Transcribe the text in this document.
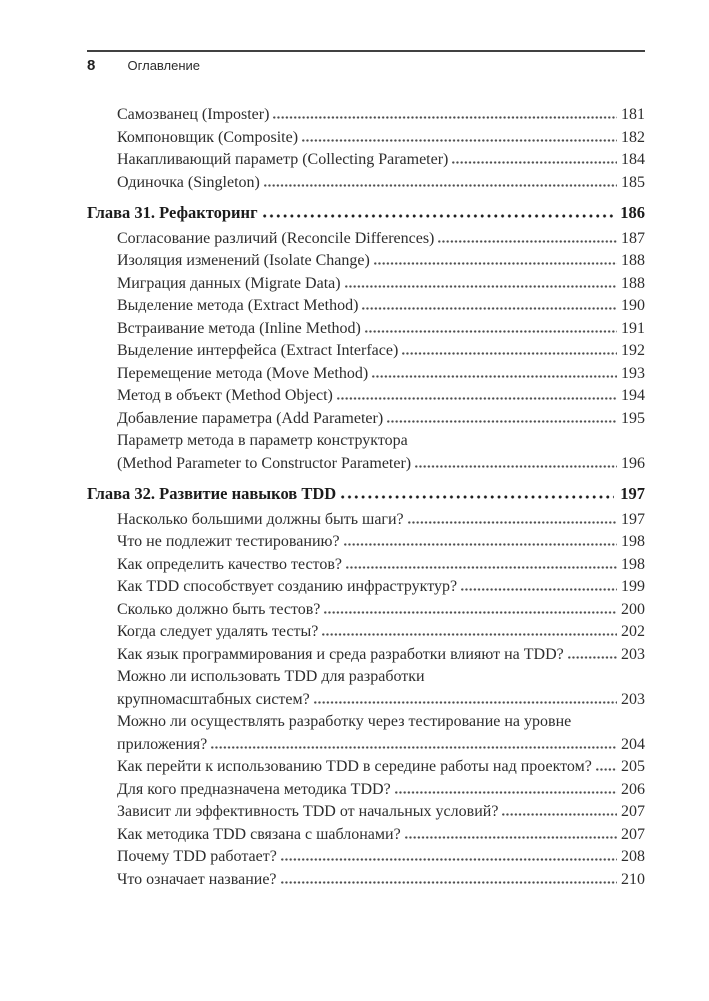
8 Оглавление
Самозванец (Imposter)	181
Компоновщик (Composite)	182
Накапливающий параметр (Collecting Parameter)	184
Одиночка (Singleton)	185
Глава 31. Рефакторинг	186
Согласование различий (Reconcile Differences)	187
Изоляция изменений (Isolate Change)	188
Миграция данных (Migrate Data)	188
Выделение метода (Extract Method)	190
Встраивание метода (Inline Method)	191
Выделение интерфейса (Extract Interface)	192
Перемещение метода (Move Method)	193
Метод в объект (Method Object)	194
Добавление параметра (Add Parameter)	195
Параметр метода в параметр конструктора
(Method Parameter to Constructor Parameter)	196
Глава 32. Развитие навыков TDD	197
Насколько большими должны быть шаги?	197
Что не подлежит тестированию?	198
Как определить качество тестов?	198
Как TDD способствует созданию инфраструктур?	199
Сколько должно быть тестов?	200
Когда следует удалять тесты?	202
Как язык программирования и среда разработки влияют на TDD?	203
Можно ли использовать TDD для разработки
крупномасштабных систем?	203
Можно ли осуществлять разработку через тестирование на уровне
приложения?	204
Как перейти к использованию TDD в середине работы над проектом? 205
Для кого предназначена методика TDD?	206
Зависит ли эффективность TDD от начальных условий?	207
Как методика TDD связана с шаблонами?	207
Почему TDD работает?	208
Что означает название?	210
